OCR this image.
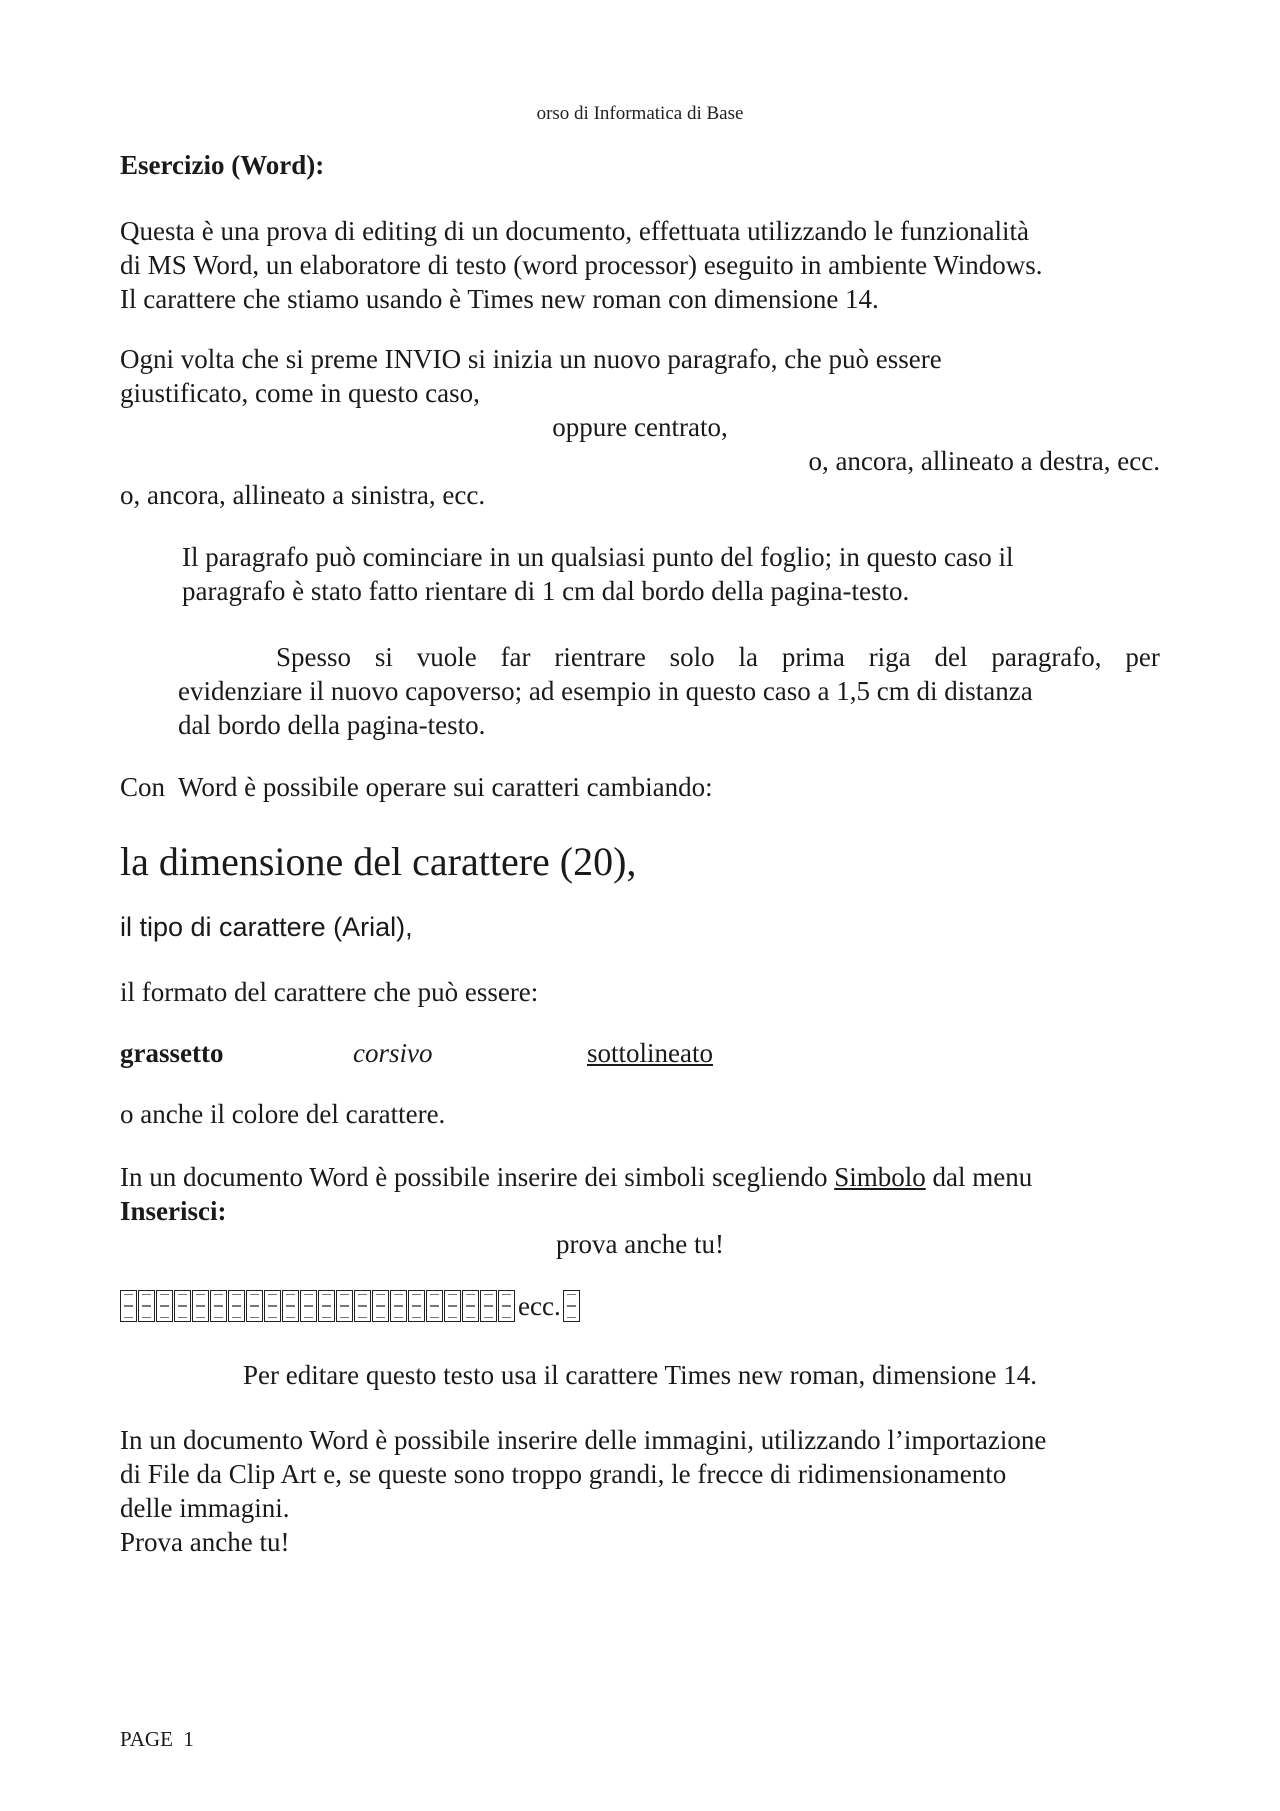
orso di Informatica di Base
Esercizio (Word):
Questa è una prova di editing di un documento, effettuata utilizzando le funzionalità
di MS Word, un elaboratore di testo (word processor) eseguito in ambiente Windows.
Il carattere che stiamo usando è Times new roman con dimensione 14.
Ogni volta che si preme INVIO si inizia un nuovo paragrafo, che può essere
giustificato, come in questo caso,
oppure centrato,
o, ancora, allineato a destra, ecc.
o, ancora, allineato a sinistra, ecc.
Il paragrafo può cominciare in un qualsiasi punto del foglio; in questo caso il
paragrafo è stato fatto rientare di 1 cm dal bordo della pagina-testo.
Spesso si vuole far rientrare solo la prima riga del paragrafo, per
evidenziare il nuovo capoverso; ad esempio in questo caso a 1,5 cm di distanza
dal bordo della pagina-testo.
Con  Word è possibile operare sui caratteri cambiando:
la dimensione del carattere (20),
il tipo di carattere (Arial),
il formato del carattere che può essere:
grassetto	corsivo	sottolineato
o anche il colore del carattere.
In un documento Word è possibile inserire dei simboli scegliendo Simbolo dal menu
Inserisci:
prova anche tu!
ecc.
Per editare questo testo usa il carattere Times new roman, dimensione 14.
In un documento Word è possibile inserire delle immagini, utilizzando l’importazione
di File da Clip Art e, se queste sono troppo grandi, le frecce di ridimensionamento
delle immagini.
Prova anche tu!
PAGE  1
